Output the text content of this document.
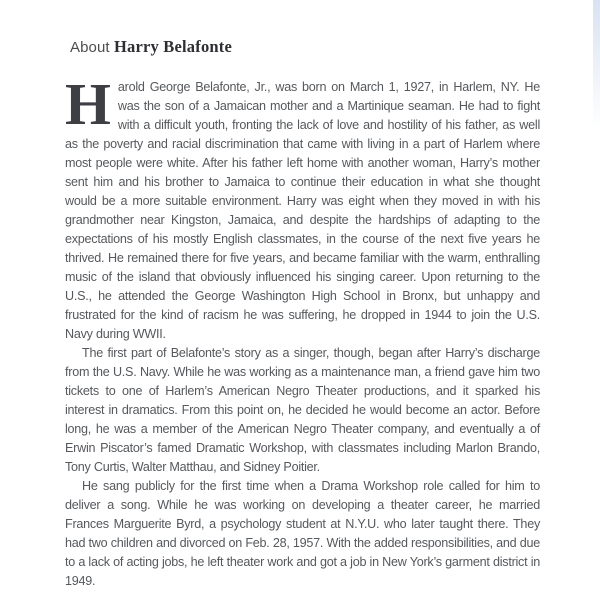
About Harry Belafonte

Harold George Belafonte, Jr., was born on March 1, 1927, in Harlem, NY. He was the son of a Jamaican mother and a Martinique seaman. He had to fight with a difficult youth, fronting the lack of love and hostility of his father, as well as the poverty and racial discrimination that came with living in a part of Harlem where most people were white. After his father left home with another woman, Harry’s mother sent him and his brother to Jamaica to continue their education in what she thought would be a more suitable environment. Harry was eight when they moved in with his grandmother near Kingston, Jamaica, and despite the hardships of adapting to the expectations of his mostly English classmates, in the course of the next five years he thrived. He remained there for five years, and became familiar with the warm, enthralling music of the island that obviously influenced his singing career. Upon returning to the U.S., he attended the George Washington High School in Bronx, but unhappy and frustrated for the kind of racism he was suffering, he dropped in 1944 to join the U.S. Navy during WWII.

The first part of Belafonte’s story as a singer, though, began after Harry’s discharge from the U.S. Navy. While he was working as a maintenance man, a friend gave him two tickets to one of Harlem’s American Negro Theater productions, and it sparked his interest in dramatics. From this point on, he decided he would become an actor. Before long, he was a member of the American Negro Theater company, and eventually a of Erwin Piscator’s famed Dramatic Workshop, with classmates including Marlon Brando, Tony Curtis, Walter Matthau, and Sidney Poitier.

He sang publicly for the first time when a Drama Workshop role called for him to deliver a song. While he was working on developing a theater career, he married Frances Marguerite Byrd, a psychology student at N.Y.U. who later taught there. They had two children and divorced on Feb. 28, 1957. With the added responsibilities, and due to a lack of acting jobs, he left theater work and got a job in New York’s garment district in 1949.
